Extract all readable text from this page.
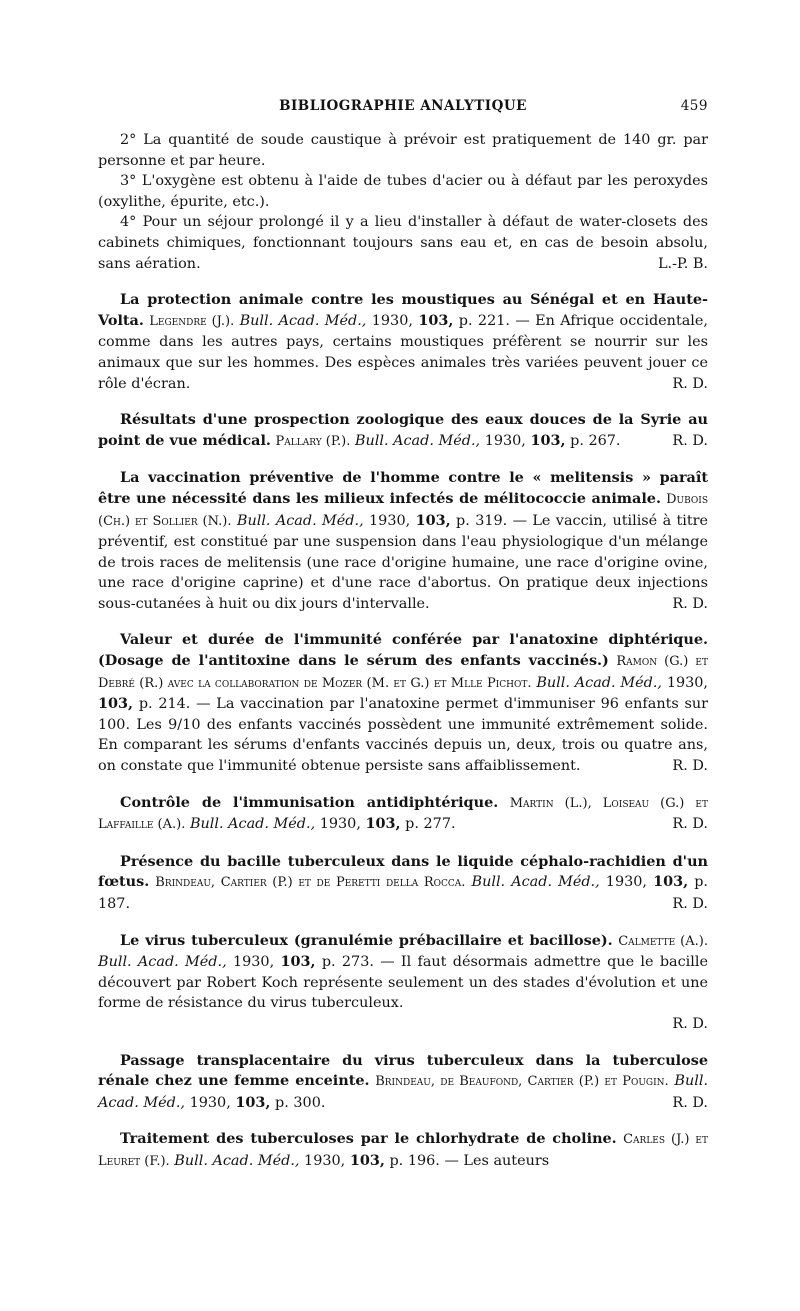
BIBLIOGRAPHIE ANALYTIQUE	459

2° La quantité de soude caustique à prévoir est pratiquement de 140 gr. par personne et par heure.

3° L'oxygène est obtenu à l'aide de tubes d'acier ou à défaut par les peroxydes (oxylithe, épurite, etc.).

4° Pour un séjour prolongé il y a lieu d'installer à défaut de water-closets des cabinets chimiques, fonctionnant toujours sans eau et, en cas de besoin absolu, sans aération.	L.-P. B.

La protection animale contre les moustiques au Sénégal et en Haute-Volta. Legendre (J.). Bull. Acad. Méd., 1930, 103, p. 221. — En Afrique occidentale, comme dans les autres pays, certains moustiques préfèrent se nourrir sur les animaux que sur les hommes. Des espèces animales très variées peuvent jouer ce rôle d'écran.	R. D.
Résultats d'une prospection zoologique des eaux douces de la Syrie au point de vue médical. Pallary (P.). Bull. Acad. Méd., 1930, 103, p. 267.	R. D.
La vaccination préventive de l'homme contre le « melitensis » paraît être une nécessité dans les milieux infectés de mélitococcie animale. Dubois (Ch.) et Sollier (N.). Bull. Acad. Méd., 1930, 103, p. 319. — Le vaccin, utilisé à titre préventif, est constitué par une suspension dans l'eau physiologique d'un mélange de trois races de melitensis (une race d'origine humaine, une race d'origine ovine, une race d'origine caprine) et d'une race d'abortus. On pratique deux injections sous-cutanées à huit ou dix jours d'intervalle.	R. D.
Valeur et durée de l'immunité conférée par l'anatoxine diphtérique. (Dosage de l'antitoxine dans le sérum des enfants vaccinés.) Ramon (G.) et Debré (R.) avec la collaboration de Mozer (M. et G.) et Mlle Pichot. Bull. Acad. Méd., 1930, 103, p. 214. — La vaccination par l'anatoxine permet d'immuniser 96 enfants sur 100. Les 9/10 des enfants vaccinés possèdent une immunité extrêmement solide. En comparant les sérums d'enfants vaccinés depuis un, deux, trois ou quatre ans, on constate que l'immunité obtenue persiste sans affaiblissement.	R. D.
Contrôle de l'immunisation antidiphtérique. Martin (L.), Loiseau (G.) et Laffaille (A.). Bull. Acad. Méd., 1930, 103, p. 277.	R. D.
Présence du bacille tuberculeux dans le liquide céphalo-rachidien d'un fœtus. Brindeau, Cartier (P.) et de Peretti della Rocca. Bull. Acad. Méd., 1930, 103, p. 187.	R. D.
Le virus tuberculeux (granulémie prébacillaire et bacillose). Calmette (A.). Bull. Acad. Méd., 1930, 103, p. 273. — Il faut désormais admettre que le bacille découvert par Robert Koch représente seulement un des stades d'évolution et une forme de résistance du virus tuberculeux.
R. D.
Passage transplacentaire du virus tuberculeux dans la tuberculose rénale chez une femme enceinte. Brindeau, de Beaufond, Cartier (P.) et Pougin. Bull. Acad. Méd., 1930, 103, p. 300.	R. D.
Traitement des tuberculoses par le chlorhydrate de choline. Carles (J.) et Leuret (F.). Bull. Acad. Méd., 1930, 103, p. 196. — Les auteurs
